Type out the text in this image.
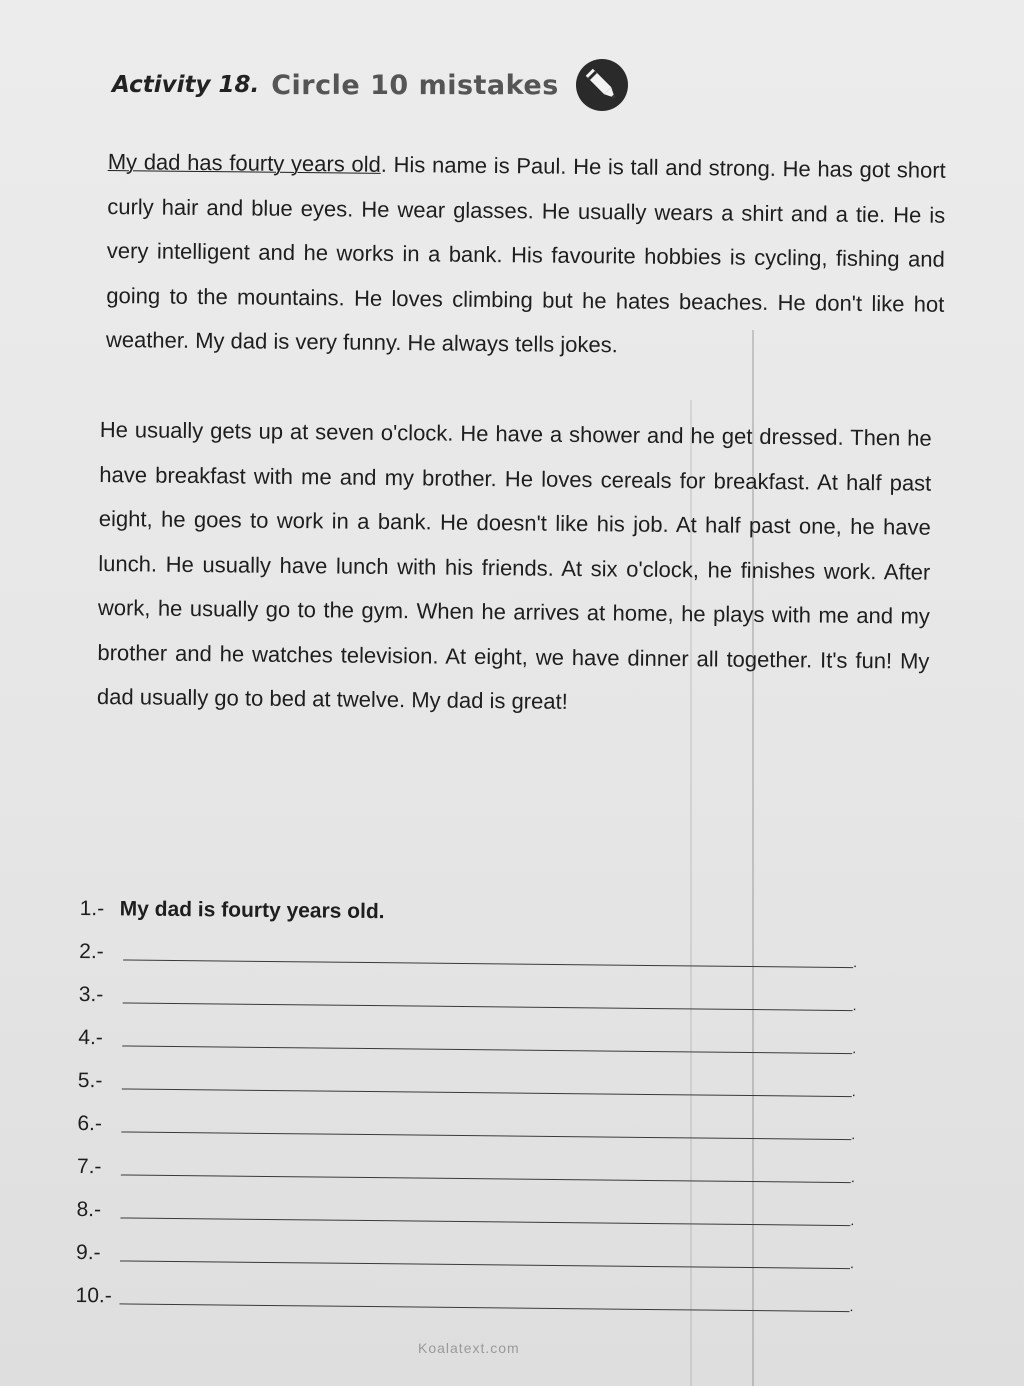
Activity 18. Circle 10 mistakes

My dad has fourty years old. His name is Paul. He is tall and strong. He has got short curly hair and blue eyes. He wear glasses. He usually wears a shirt and a tie. He is very intelligent and he works in a bank. His favourite hobbies is cycling, fishing and going to the mountains. He loves climbing but he hates beaches. He don't like hot weather. My dad is very funny. He always tells jokes.

He usually gets up at seven o'clock. He have a shower and he get dressed. Then he have breakfast with me and my brother. He loves cereals for breakfast. At half past eight, he goes to work in a bank. He doesn't like his job. At half past one, he have lunch. He usually have lunch with his friends. At six o'clock, he finishes work. After work, he usually go to the gym. When he arrives at home, he plays with me and my brother and he watches television. At eight, we have dinner all together. It's fun! My dad usually go to bed at twelve. My dad is great!

1.- My dad is fourty years old.
2.-	.
3.-	.
4.-	.
5.-	.
6.-	.
7.-	.
8.-	.
9.-	.
10.-	.
Koalatext.com
